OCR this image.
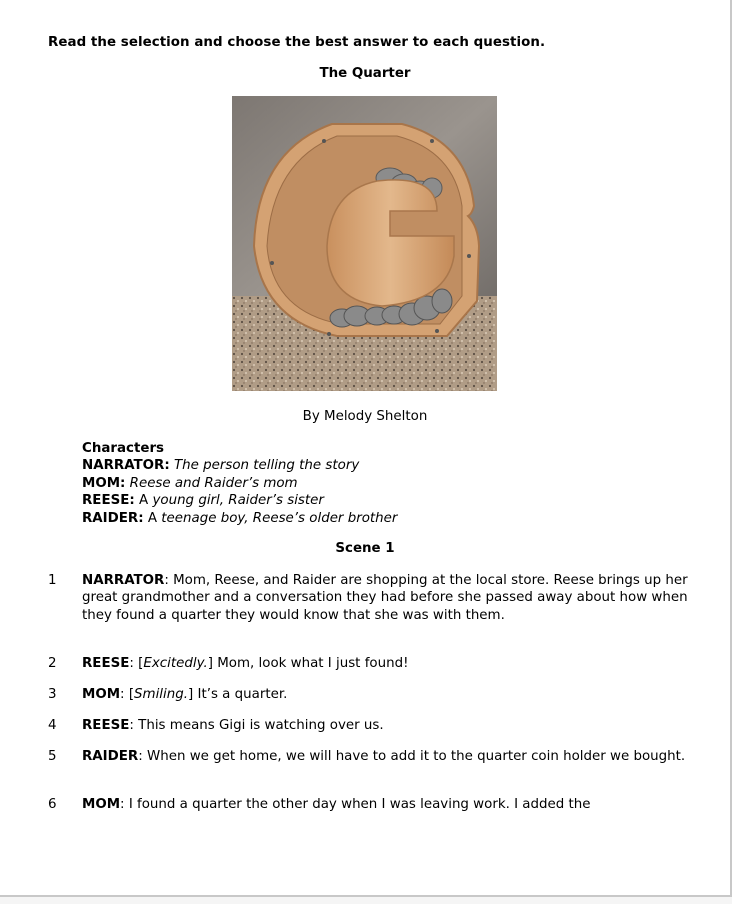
Read the selection and choose the best answer to each question.
The Quarter
By Melody Shelton
Characters
NARRATOR: The person telling the story
MOM: Reese and Raider’s mom
REESE: A young girl, Raider’s sister
RAIDER: A teenage boy, Reese’s older brother
Scene 1
1	NARRATOR: Mom, Reese, and Raider are shopping at the local store. Reese brings up her great grandmother and a conversation they had before she passed away about how when they found a quarter they would know that she was with them.
2	REESE: [Excitedly.] Mom, look what I just found!
3	MOM: [Smiling.] It’s a quarter.
4	REESE: This means Gigi is watching over us.
5	RAIDER: When we get home, we will have to add it to the quarter coin holder we bought.
6	MOM: I found a quarter the other day when I was leaving work. I added the
